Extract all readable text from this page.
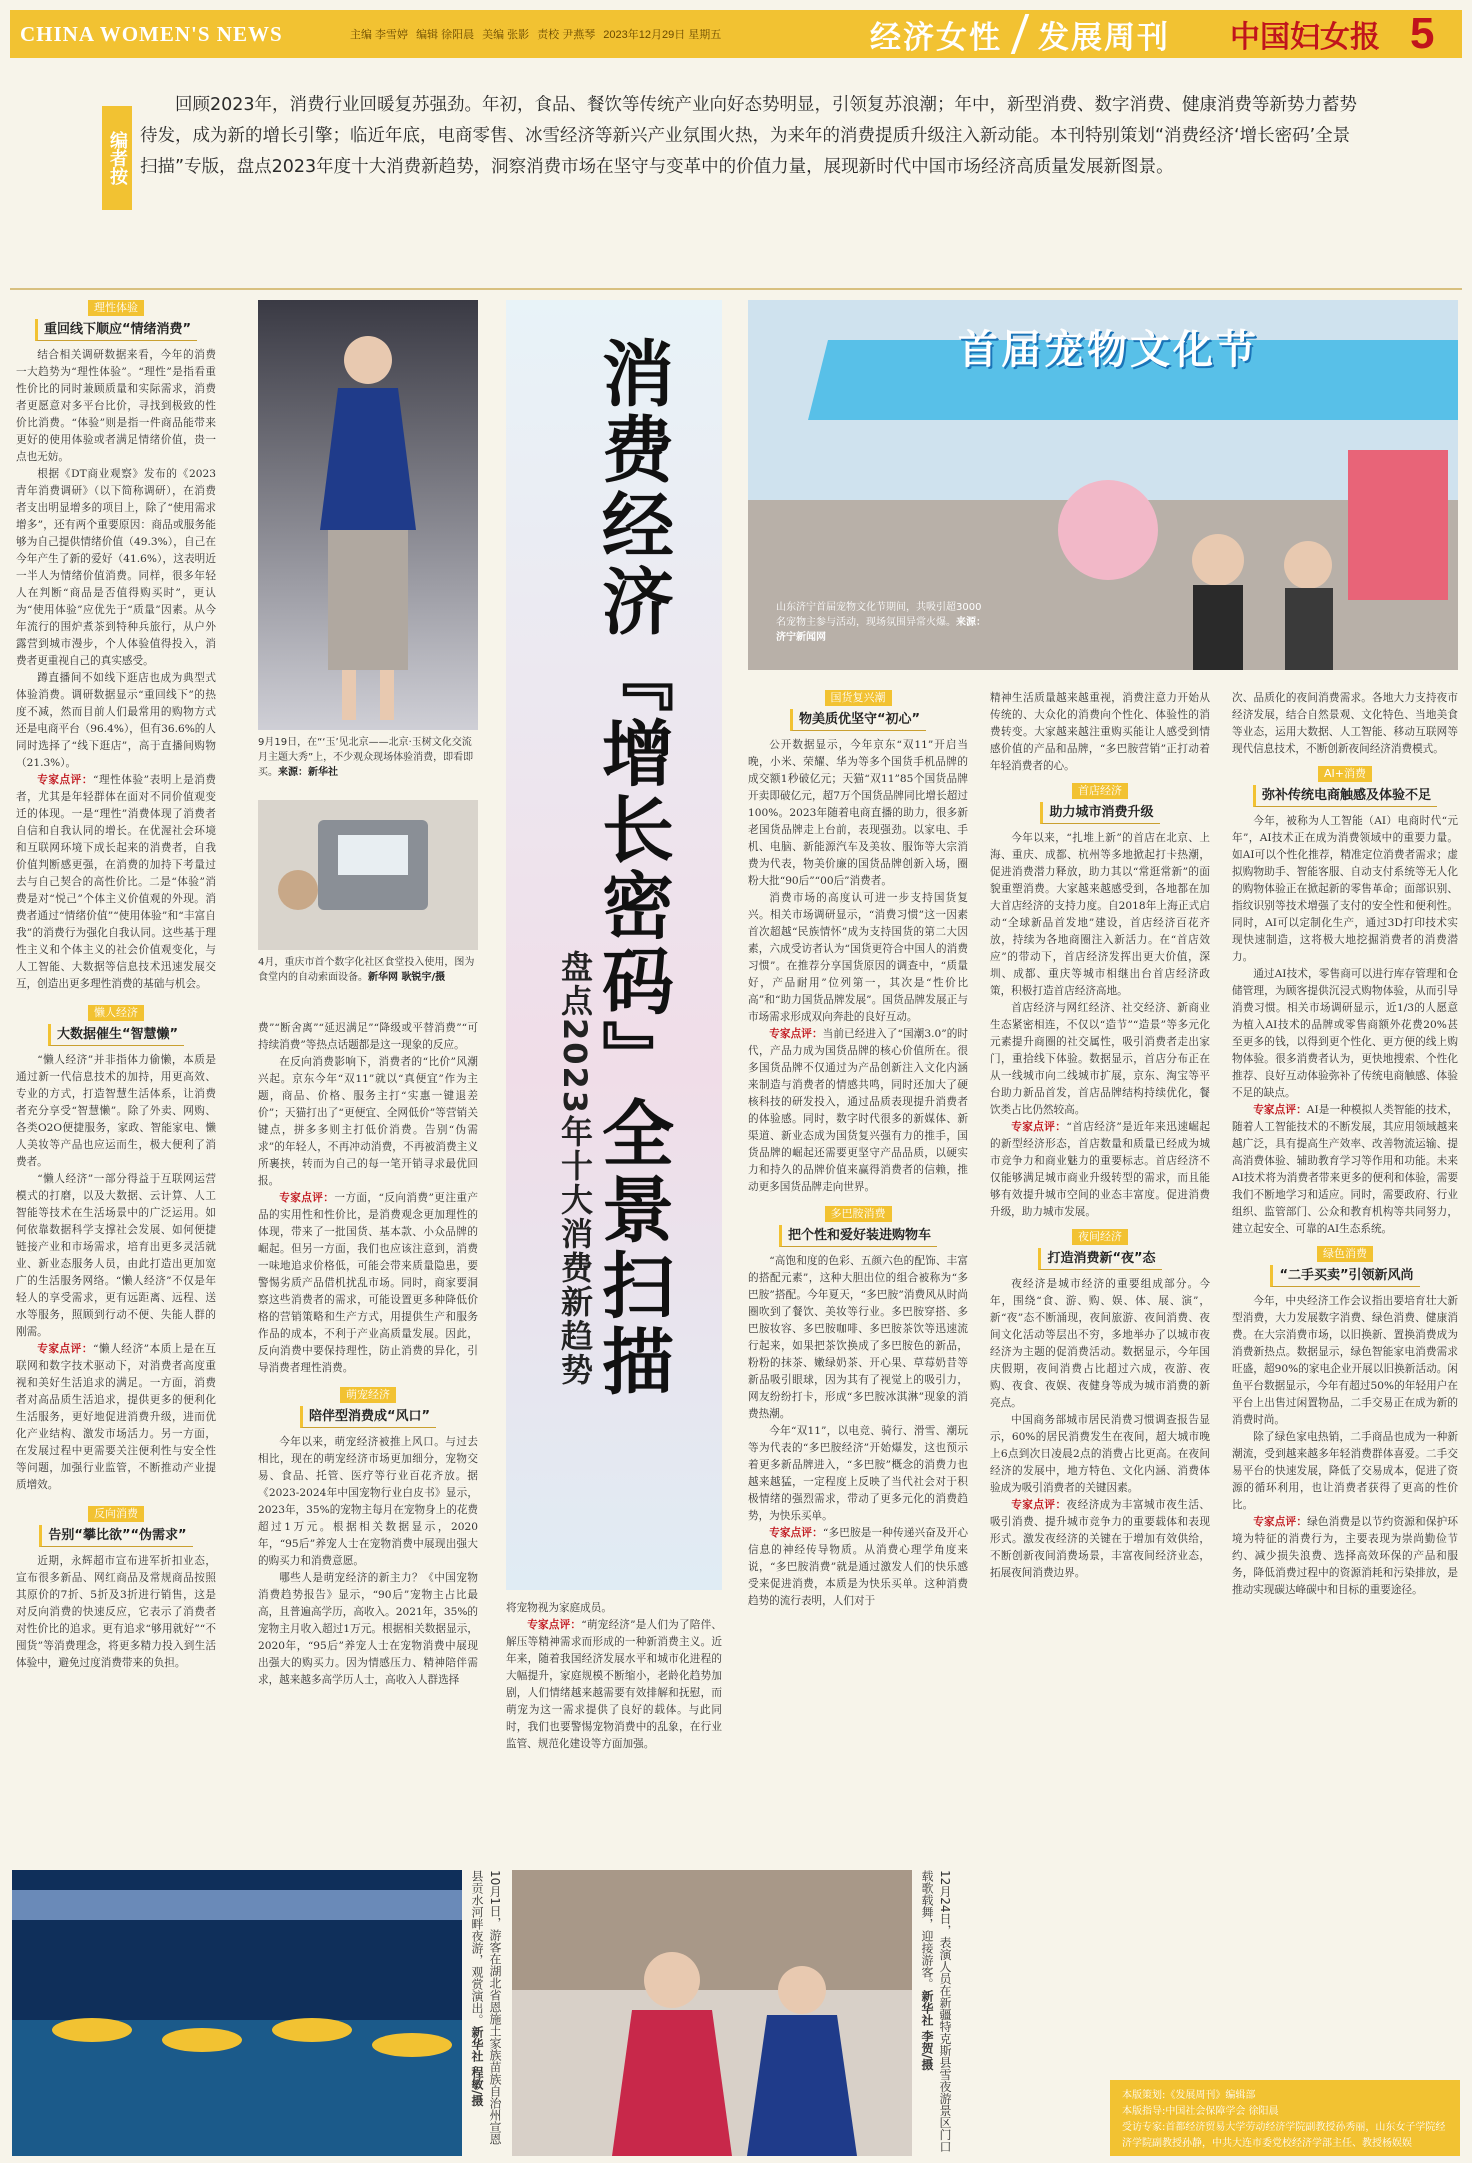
CHINA WOMEN'S NEWS	主编 李雪婷 编辑 徐阳晨 美编 张影 责校 尹燕琴 2023年12月29日 星期五	经济女性 发展周刊 中国妇女报 5
编者按

回顾2023年，消费行业回暖复苏强劲。年初，食品、餐饮等传统产业向好态势明显，引领复苏浪潮；年中，新型消费、数字消费、健康消费等新势力蓄势待发，成为新的增长引擎；临近年底，电商零售、冰雪经济等新兴产业氛围火热，为来年的消费提质升级注入新动能。本刊特别策划“消费经济‘增长密码’全景扫描”专版，盘点2023年度十大消费新趋势，洞察消费市场在坚守与变革中的价值力量，展现新时代中国市场经济高质量发展新图景。

理性体验
重回线下顺应“情绪消费”

结合相关调研数据来看，今年的消费一大趋势为“理性体验”。“理性”是指看重性价比的同时兼顾质量和实际需求，消费者更愿意对多平台比价，寻找到极致的性价比消费。“体验”则是指一件商品能带来更好的使用体验或者满足情绪价值，贵一点也无妨。

根据《DT商业观察》发布的《2023青年消费调研》（以下简称调研），在消费者支出明显增多的项目上，除了“使用需求增多”，还有两个重要原因：商品或服务能够为自己提供情绪价值（49.3%），自己在今年产生了新的爱好（41.6%），这表明近一半人为情绪价值消费。同样，很多年轻人在判断“商品是否值得购买时”，更认为“使用体验”应优先于“质量”因素。从今年流行的围炉煮茶到特种兵旅行，从户外露营到城市漫步，个人体验值得投入，消费者更重视自己的真实感受。

蹲直播间不如线下逛店也成为典型式体验消费。调研数据显示“重回线下”的热度不减，然而目前人们最常用的购物方式还是电商平台（96.4%），但有36.6%的人同时选择了“线下逛店”，高于直播间购物（21.3%）。

专家点评：“理性体验”表明上是消费者，尤其是年轻群体在面对不同价值观变迁的体现。一是“理性”消费体现了消费者自信和自我认同的增长。在优渥社会环境和互联网环境下成长起来的消费者，自我价值判断感更强，在消费的加持下考量过去与自己契合的高性价比。二是“体验”消费是对“悦己”个体主义价值观的外现。消费者通过“情绪价值”“使用体验”和“丰富自我”的消费行为强化自我认同。这些基于理性主义和个体主义的社会价值观变化，与人工智能、大数据等信息技术迅速发展交互，创造出更多理性消费的基础与机会。

懒人经济
大数据催生“智慧懒”

“懒人经济”并非指体力偷懒，本质是通过新一代信息技术的加持，用更高效、专业的方式，打造智慧生活体系，让消费者充分享受“智慧懒”。除了外卖、网购、各类O2O便捷服务，家政、智能家电、懒人美妆等产品也应运而生，极大便利了消费者。

“懒人经济”一部分得益于互联网运营模式的打磨，以及大数据、云计算、人工智能等技术在生活场景中的广泛运用。如何依靠数据科学支撑社会发展、如何便捷链接产业和市场需求，培育出更多灵活就业、新业态服务人员，由此打造出更加宽广的生活服务网络。“懒人经济”不仅是年轻人的享受需求，更有远距离、远程、送水等服务，照顾到行动不便、失能人群的刚需。

专家点评：“懒人经济”本质上是在互联网和数字技术驱动下，对消费者高度重视和美好生活追求的满足。一方面，消费者对高品质生活追求，提供更多的便利化生活服务，更好地促进消费升级，进而优化产业结构、激发市场活力。另一方面，在发展过程中更需要关注便利性与安全性等问题，加强行业监管，不断推动产业提质增效。

反向消费
告别“攀比欲”“伪需求”

近期，永辉超市宣布进军折扣业态，宣布很多新品、网红商品及常规商品按照其原价的7折、5折及3折进行销售，这是对反向消费的快速反应，它表示了消费者对性价比的追求。更有追求“够用就好”“不囤货”等消费理念，将更多精力投入到生活体验中，避免过度消费带来的负担。

9月19日，在“‘玉’见北京——北京·玉树文化交流月主题大秀”上，不少观众现场体验消费，即看即买。来源：新华社
4月，重庆市首个数字化社区食堂投入使用，图为食堂内的自动索面设备。新华网 耿锐宇/摄

费”“断舍离”“延迟满足”“降级或平替消费”“可持续消费”等热点话题都是这一现象的反应。

在反向消费影响下，消费者的“比价”风潮兴起。京东今年“双11”就以“真便宜”作为主题，商品、价格、服务主打“实惠一键退差价”；天猫打出了“更便宜、全网低价”等营销关键点，拼多多则主打低价消费。告别“伪需求”的年轻人，不再冲动消费，不再被消费主义所裹挟，转而为自己的每一笔开销寻求最优回报。

专家点评：一方面，“反向消费”更注重产品的实用性和性价比，是消费观念更加理性的体现，带来了一批国货、基本款、小众品牌的崛起。但另一方面，我们也应该注意到，消费一味地追求价格低，可能会带来质量隐患，要警惕劣质产品借机扰乱市场。同时，商家要洞察这些消费者的需求，可能设置更多种降低价格的营销策略和生产方式，用提供生产和服务作品的成本，不利于产业高质量发展。因此，反向消费中要保持理性，防止消费的异化，引导消费者理性消费。

萌宠经济
陪伴型消费成“风口”

今年以来，萌宠经济被推上风口。与过去相比，现在的萌宠经济市场更加细分，宠物交易、食品、托管、医疗等行业百花齐放。据《2023-2024年中国宠物行业白皮书》显示，2023年，35%的宠物主每月在宠物身上的花费超过1万元。根据相关数据显示，2020年，“95后”养宠人士在宠物消费中展现出强大的购买力和消费意愿。

哪些人是萌宠经济的新主力？《中国宠物消费趋势报告》显示，“90后”宠物主占比最高，且普遍高学历，高收入。2021年，35%的宠物主月收入超过1万元。根据相关数据显示，2020年，“95后”养宠人士在宠物消费中展现出强大的购买力。因为情感压力、精神陪伴需求，越来越多高学历人士，高收入人群选择

消费经济『增长密码』全景扫描
盘点2023年十大消费新趋势

将宠物视为家庭成员。

专家点评：“萌宠经济”是人们为了陪伴、解压等精神需求而形成的一种新消费主义。近年来，随着我国经济发展水平和城市化进程的大幅提升，家庭规模不断缩小，老龄化趋势加剧，人们情绪越来越需要有效排解和抚慰，而萌宠为这一需求提供了良好的载体。与此同时，我们也要警惕宠物消费中的乱象，在行业监管、规范化建设等方面加强。

首届宠物文化节
山东济宁首届宠物文化节期间，共吸引超3000名宠物主参与活动，现场氛围异常火爆。来源：济宁新闻网
国货复兴潮
物美质优坚守“初心”

公开数据显示，今年京东“双11”开启当晚，小米、荣耀、华为等多个国货手机品牌的成交额1秒破亿元；天猫“双11”85个国货品牌开卖即破亿元，超7万个国货品牌同比增长超过100%。2023年随着电商直播的助力，很多新老国货品牌走上台前，表现强劲。以家电、手机、电脑、新能源汽车及美妆、服饰等大宗消费为代表，物美价廉的国货品牌创新入场，圈粉大批“90后”“00后”消费者。

消费市场的高度认可进一步支持国货复兴。相关市场调研显示，“消费习惯”这一因素首次超越“民族情怀”成为支持国货的第二大因素，六成受访者认为“国货更符合中国人的消费习惯”。在推荐分享国货原因的调查中，“质量好，产品耐用”位列第一，其次是“性价比高”和“助力国货品牌发展”。国货品牌发展正与市场需求形成双向奔赴的良好互动。

专家点评：当前已经进入了“国潮3.0”的时代，产品力成为国货品牌的核心价值所在。很多国货品牌不仅通过为产品创新注入文化内涵来制造与消费者的情感共鸣，同时还加大了硬核科技的研发投入，通过品质表现提升消费者的体验感。同时，数字时代很多的新媒体、新渠道、新业态成为国货复兴强有力的推手，国货品牌的崛起还需要更坚守产品品质，以硬实力和持久的品牌价值来赢得消费者的信赖，推动更多国货品牌走向世界。

多巴胺消费
把个性和爱好装进购物车

“高饱和度的色彩、五颜六色的配饰、丰富的搭配元素”，这种大胆出位的组合被称为“多巴胺”搭配。今年夏天，“多巴胺”消费风从时尚圈吹到了餐饮、美妆等行业。多巴胺穿搭、多巴胺妆容、多巴胺咖啡、多巴胺茶饮等迅速流行起来，如果把茶饮换成了多巴胺色的新品，粉粉的抹茶、嫩绿奶茶、开心果、草莓奶昔等新品吸引眼球，因为其有了视觉上的吸引力，网友纷纷打卡，形成“多巴胺冰淇淋”现象的消费热潮。

今年“双11”，以电竞、骑行、滑雪、潮玩等为代表的“多巴胺经济”开始爆发，这也预示着更多新品牌进入，“多巴胺”概念的消费力也越来越猛，一定程度上反映了当代社会对于积极情绪的强烈需求，带动了更多元化的消费趋势，为快乐买单。

专家点评：“多巴胺是一种传递兴奋及开心信息的神经传导物质。从消费心理学角度来说，“多巴胺消费”就是通过激发人们的快乐感受来促进消费，本质是为快乐买单。这种消费趋势的流行表明，人们对于

精神生活质量越来越重视，消费注意力开始从传统的、大众化的消费向个性化、体验性的消费转变。大家越来越注重购买能让人感受到情感价值的产品和品牌，“多巴胺营销”正打动着年轻消费者的心。

首店经济
助力城市消费升级

今年以来，“扎堆上新”的首店在北京、上海、重庆、成都、杭州等多地掀起打卡热潮，促进消费潜力释放，助力其以“常逛常新”的面貌重塑消费。大家越来越感受到，各地都在加大首店经济的支持力度。自2018年上海正式启动“全球新品首发地”建设，首店经济百花齐放，持续为各地商圈注入新活力。在“首店效应”的带动下，首店经济发挥出更大价值，深圳、成都、重庆等城市相继出台首店经济政策，积极打造首店经济高地。

首店经济与网红经济、社交经济、新商业生态紧密相连，不仅以“造节”“造景”等多元化元素提升商圈的社交属性，吸引消费者走出家门，重拾线下体验。数据显示，首店分布正在从一线城市向二线城市扩展，京东、淘宝等平台助力新品首发，首店品牌结构持续优化，餐饮类占比仍然较高。

专家点评：“首店经济”是近年来迅速崛起的新型经济形态，首店数量和质量已经成为城市竞争力和商业魅力的重要标志。首店经济不仅能够满足城市商业升级转型的需求，而且能够有效提升城市空间的业态丰富度。促进消费升级，助力城市发展。

夜间经济
打造消费新“夜”态

夜经济是城市经济的重要组成部分。今年，围绕“食、游、购、娱、体、展、演”，新“夜”态不断涌现，夜间旅游、夜间消费、夜间文化活动等层出不穷，多地举办了以城市夜经济为主题的促消费活动。数据显示，今年国庆假期，夜间消费占比超过六成，夜游、夜购、夜食、夜娱、夜健身等成为城市消费的新亮点。

中国商务部城市居民消费习惯调查报告显示，60%的居民消费发生在夜间，超大城市晚上6点到次日凌晨2点的消费占比更高。在夜间经济的发展中，地方特色、文化内涵、消费体验成为吸引消费者的关键因素。

专家点评：夜经济成为丰富城市夜生活、吸引消费、提升城市竞争力的重要载体和表现形式。激发夜经济的关键在于增加有效供给，不断创新夜间消费场景，丰富夜间经济业态，拓展夜间消费边界。

次、品质化的夜间消费需求。各地大力支持夜市经济发展，结合自然景观、文化特色、当地美食等业态，运用大数据、人工智能、移动互联网等现代信息技术，不断创新夜间经济消费模式。

AI+消费
弥补传统电商触感及体验不足

今年，被称为人工智能（AI）电商时代“元年”，AI技术正在成为消费领域中的重要力量。如AI可以个性化推荐，精准定位消费者需求；虚拟购物助手、智能客服、自动支付系统等无人化的购物体验正在掀起新的零售革命；面部识别、指纹识别等技术增强了支付的安全性和便利性。同时，AI可以定制化生产，通过3D打印技术实现快速制造，这将极大地挖掘消费者的消费潜力。

通过AI技术，零售商可以进行库存管理和仓储管理，为顾客提供沉浸式购物体验，从而引导消费习惯。相关市场调研显示，近1/3的人愿意为植入AI技术的品牌或零售商额外花费20%甚至更多的钱，以得到更个性化、更方便的线上购物体验。很多消费者认为，更快地搜索、个性化推荐、良好互动体验弥补了传统电商触感、体验不足的缺点。

专家点评：AI是一种模拟人类智能的技术，随着人工智能技术的不断发展，其应用领域越来越广泛，具有提高生产效率、改善物流运输、提高消费体验、辅助教育学习等作用和功能。未来AI技术将为消费者带来更多的便利和体验，需要我们不断地学习和适应。同时，需要政府、行业组织、监管部门、公众和教育机构等共同努力，建立起安全、可靠的AI生态系统。

绿色消费
“二手买卖”引领新风尚

今年，中央经济工作会议指出要培育壮大新型消费，大力发展数字消费、绿色消费、健康消费。在大宗消费市场，以旧换新、置换消费成为消费新热点。数据显示，绿色智能家电消费需求旺盛，超90%的家电企业开展以旧换新活动。闲鱼平台数据显示，今年有超过50%的年轻用户在平台上出售过闲置物品，二手交易正在成为新的消费时尚。

除了绿色家电热销，二手商品也成为一种新潮流，受到越来越多年轻消费群体喜爱。二手交易平台的快速发展，降低了交易成本，促进了资源的循环利用，也让消费者获得了更高的性价比。

专家点评：绿色消费是以节约资源和保护环境为特征的消费行为，主要表现为崇尚勤俭节约、减少损失浪费、选择高效环保的产品和服务，降低消费过程中的资源消耗和污染排放，是推动实现碳达峰碳中和目标的重要途径。

10月1日，游客在湖北省恩施土家族苗族自治州宣恩县贡水河畔夜游，观赏演出。新华社 程敏/摄	12月24日，表演人员在新疆特克斯县雪夜游景区门口载歌载舞，迎接游客。新华社 李贺/摄
本版策划:《发展周刊》编辑部
本版指导:中国社会保障学会 徐阳晨
受访专家:首都经济贸易大学劳动经济学院副教授孙秀丽，山东女子学院经济学院副教授孙静，中共大连市委党校经济学部主任、教授杨娱娱
